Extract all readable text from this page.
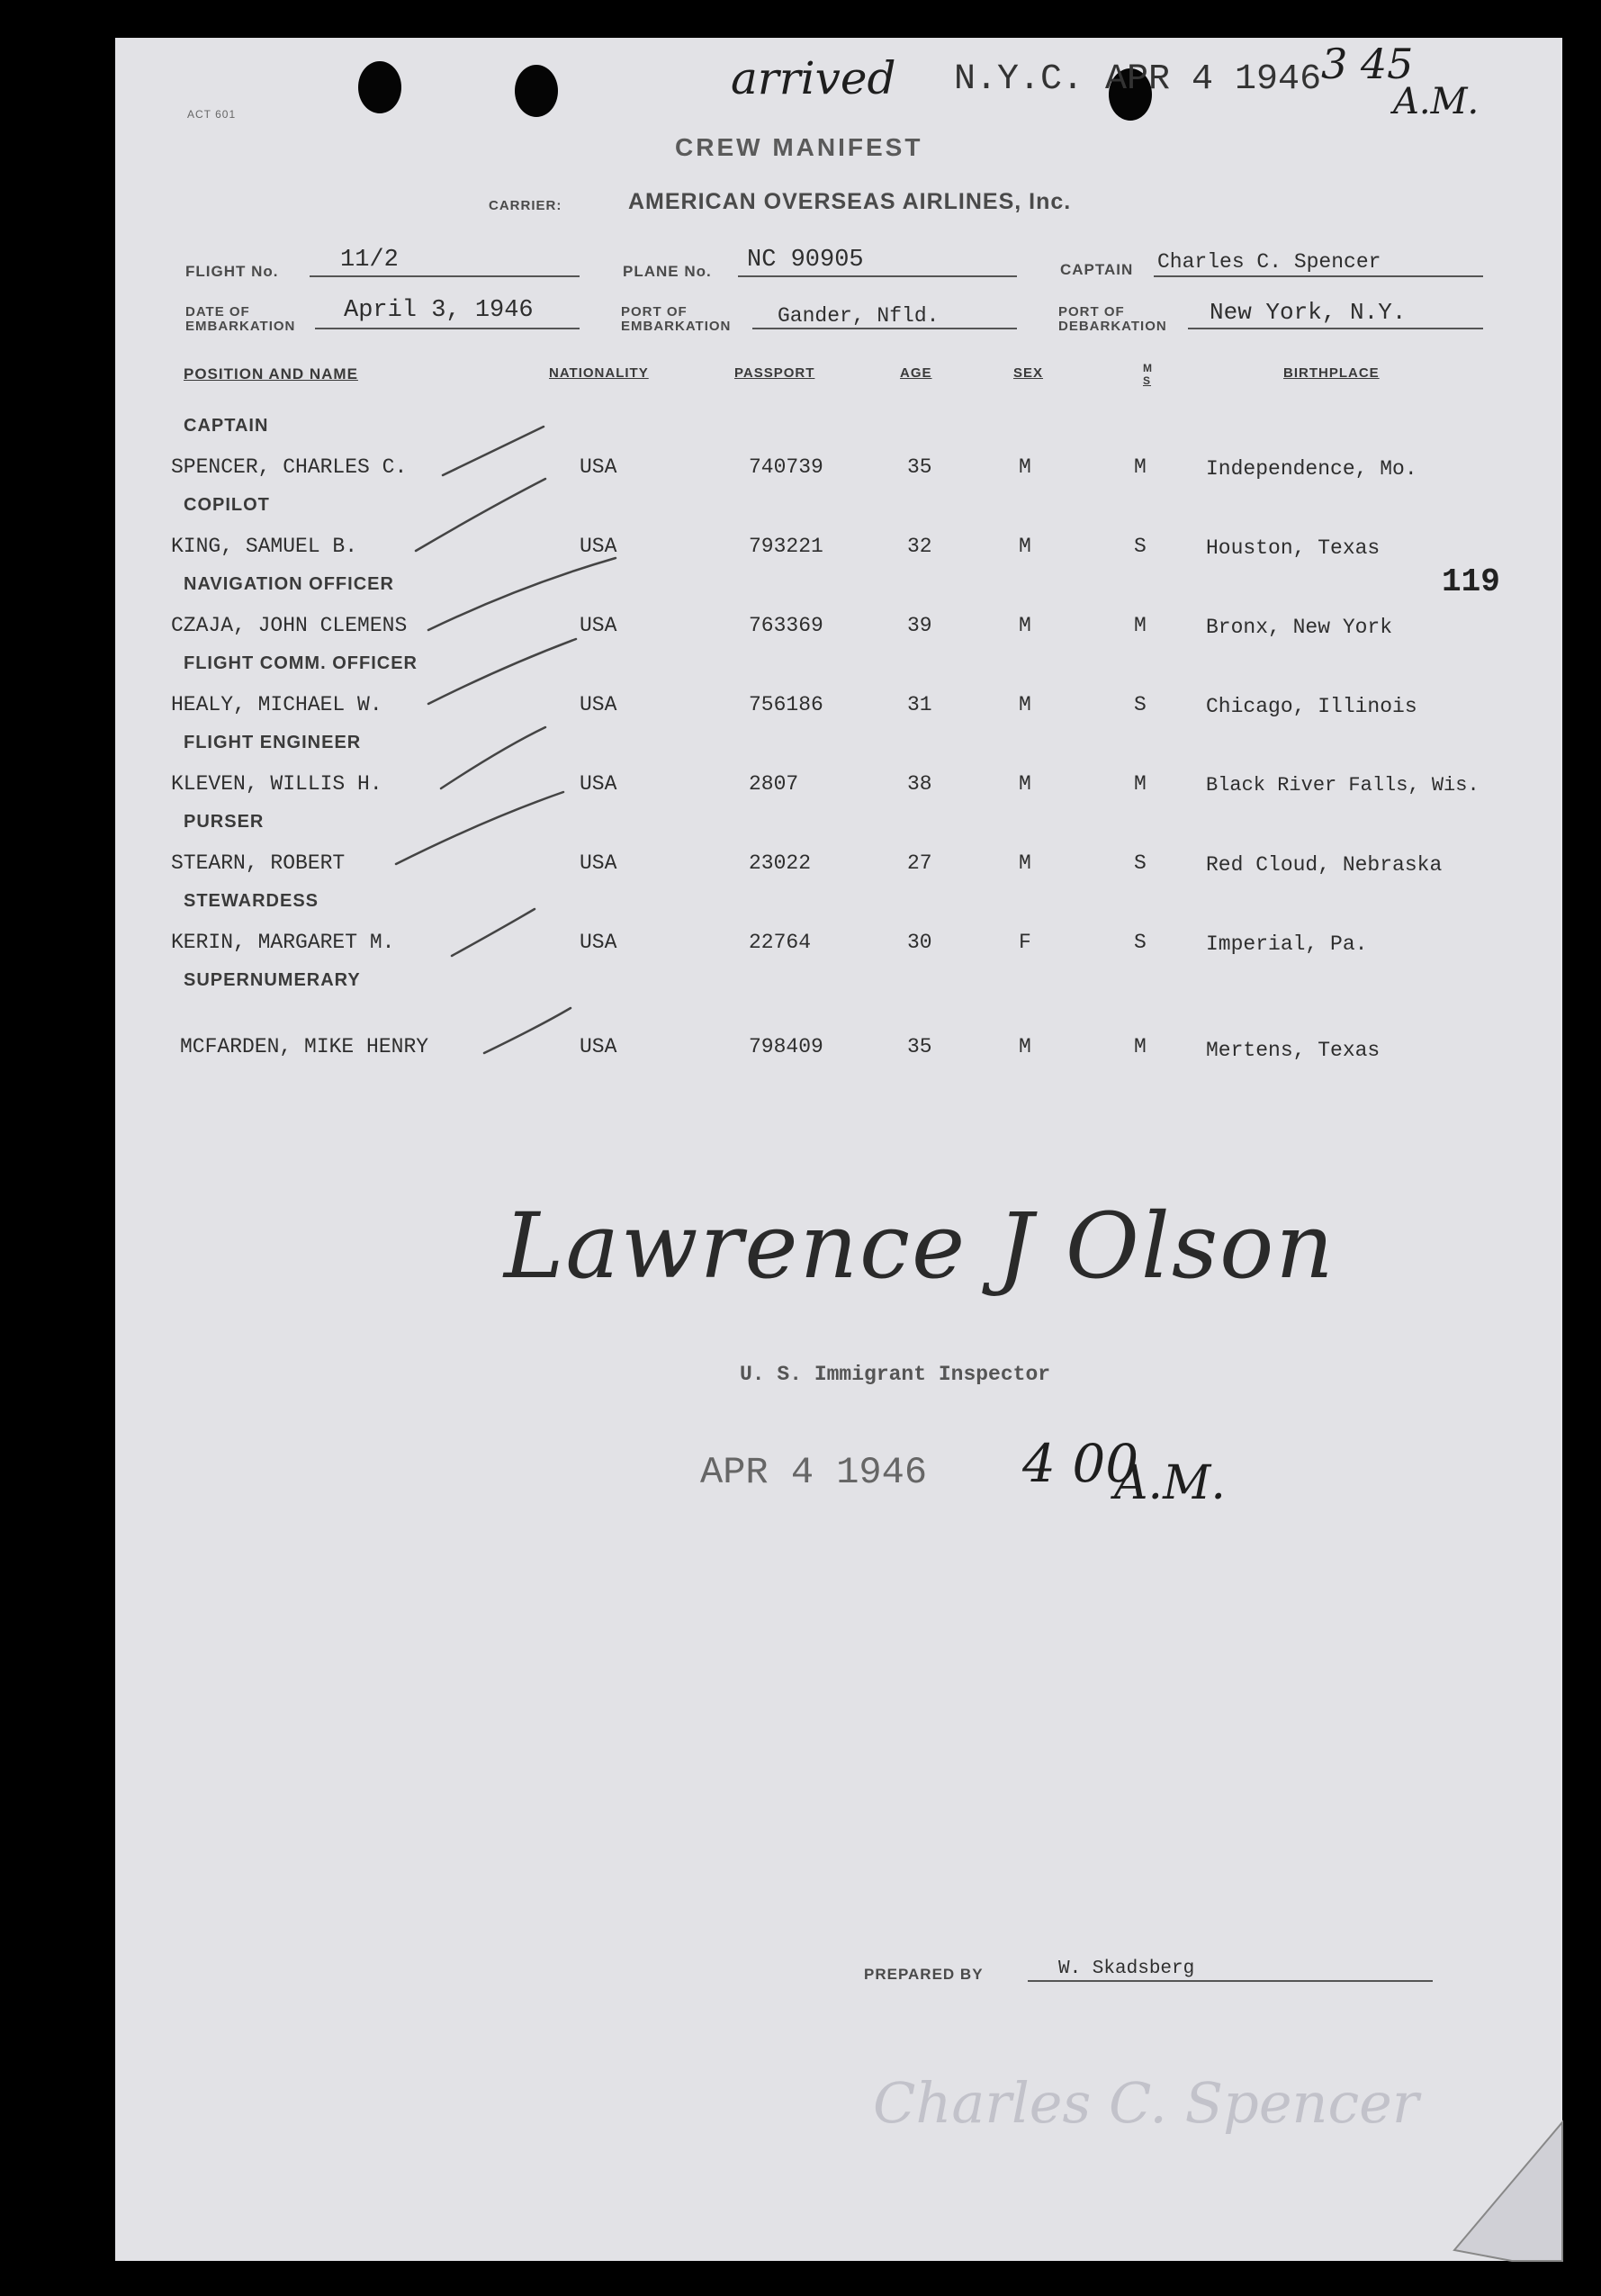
arrived N.Y.C. APR 4 1946 3 45
A.M.
ACT 601
CREW MANIFEST
CARRIER:	AMERICAN OVERSEAS AIRLINES, Inc.
FLIGHT No.	11/2	PLANE No. NC 90905	CAPTAIN Charles C. Spencer
DATE OF
EMBARKATION
April 3, 1946	PORT OF
EMBARKATION Gander, Nfld.	PORT OF
DEBARKATION
New York, N.Y.
POSITION AND NAME	NATIONALITY	PASSPORT	AGE	SEX	M
S	BIRTHPLACE
CAPTAIN
SPENCER, CHARLES C.	USA	740739	35	M	M	Independence, Mo.
COPILOT
KING, SAMUEL B.	USA	793221	32	M	S	Houston, Texas
NAVIGATION OFFICER
CZAJA, JOHN CLEMENS	USA	763369	39	M	M	Bronx, New York
FLIGHT COMM. OFFICER
HEALY, MICHAEL W.	USA	756186	31	M	S	Chicago, Illinois
FLIGHT ENGINEER
KLEVEN, WILLIS H.	USA	2807	38	M	M	Black River Falls, Wis.
PURSER
STEARN, ROBERT	USA	23022	27	M	S	Red Cloud, Nebraska
STEWARDESS
KERIN, MARGARET M.	USA	22764	30	F	S	Imperial, Pa.
SUPERNUMERARY
MCFARDEN, MIKE HENRY	USA	798409	35	M	M	Mertens, Texas
119
Lawrence J Olson
U. S. Immigrant Inspector
APR 4 1946 4 00
A.M.
PREPARED BY	W. Skadsberg
Charles C. Spencer
